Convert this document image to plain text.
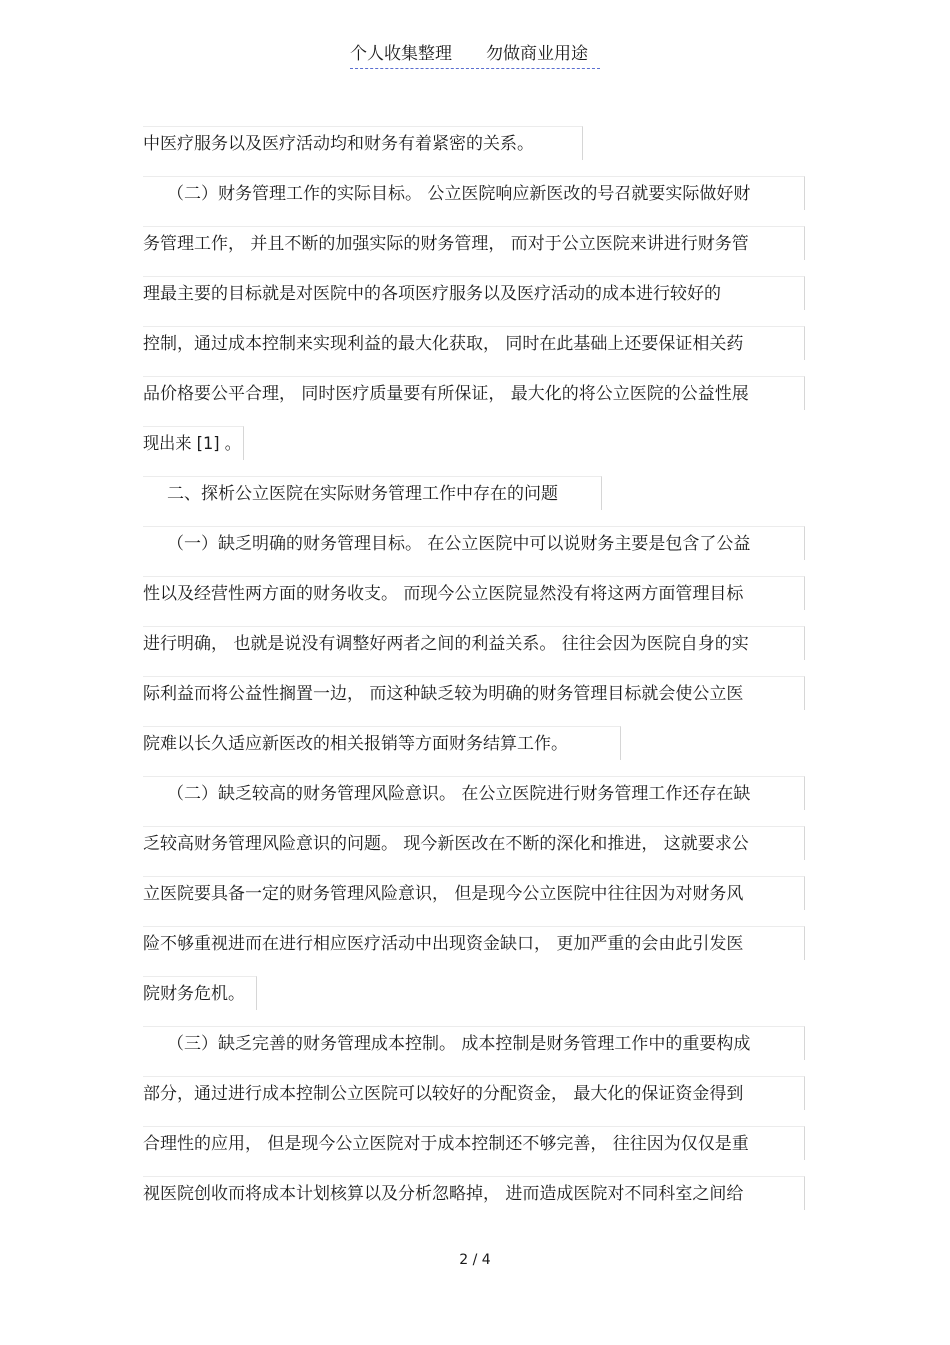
个人收集整理 勿做商业用途
中医疗服务以及医疗活动均和财务有着紧密的关系。
（二）财务管理工作的实际目标。 公立医院响应新医改的号召就要实际做好财
务管理工作， 并且不断的加强实际的财务管理， 而对于公立医院来讲进行财务管
理最主要的目标就是对医院中的各项医疗服务以及医疗活动的成本进行较好的
控制，通过成本控制来实现利益的最大化获取， 同时在此基础上还要保证相关药
品价格要公平合理， 同时医疗质量要有所保证， 最大化的将公立医院的公益性展
现出来 [1] 。
二、探析公立医院在实际财务管理工作中存在的问题
（一）缺乏明确的财务管理目标。 在公立医院中可以说财务主要是包含了公益
性以及经营性两方面的财务收支。 而现今公立医院显然没有将这两方面管理目标
进行明确， 也就是说没有调整好两者之间的利益关系。 往往会因为医院自身的实
际利益而将公益性搁置一边， 而这种缺乏较为明确的财务管理目标就会使公立医
院难以长久适应新医改的相关报销等方面财务结算工作。
（二）缺乏较高的财务管理风险意识。 在公立医院进行财务管理工作还存在缺
乏较高财务管理风险意识的问题。 现今新医改在不断的深化和推进， 这就要求公
立医院要具备一定的财务管理风险意识， 但是现今公立医院中往往因为对财务风
险不够重视进而在进行相应医疗活动中出现资金缺口， 更加严重的会由此引发医
院财务危机。
（三）缺乏完善的财务管理成本控制。 成本控制是财务管理工作中的重要构成
部分，通过进行成本控制公立医院可以较好的分配资金， 最大化的保证资金得到
合理性的应用， 但是现今公立医院对于成本控制还不够完善， 往往因为仅仅是重
视医院创收而将成本计划核算以及分析忽略掉， 进而造成医院对不同科室之间给
2 / 4
